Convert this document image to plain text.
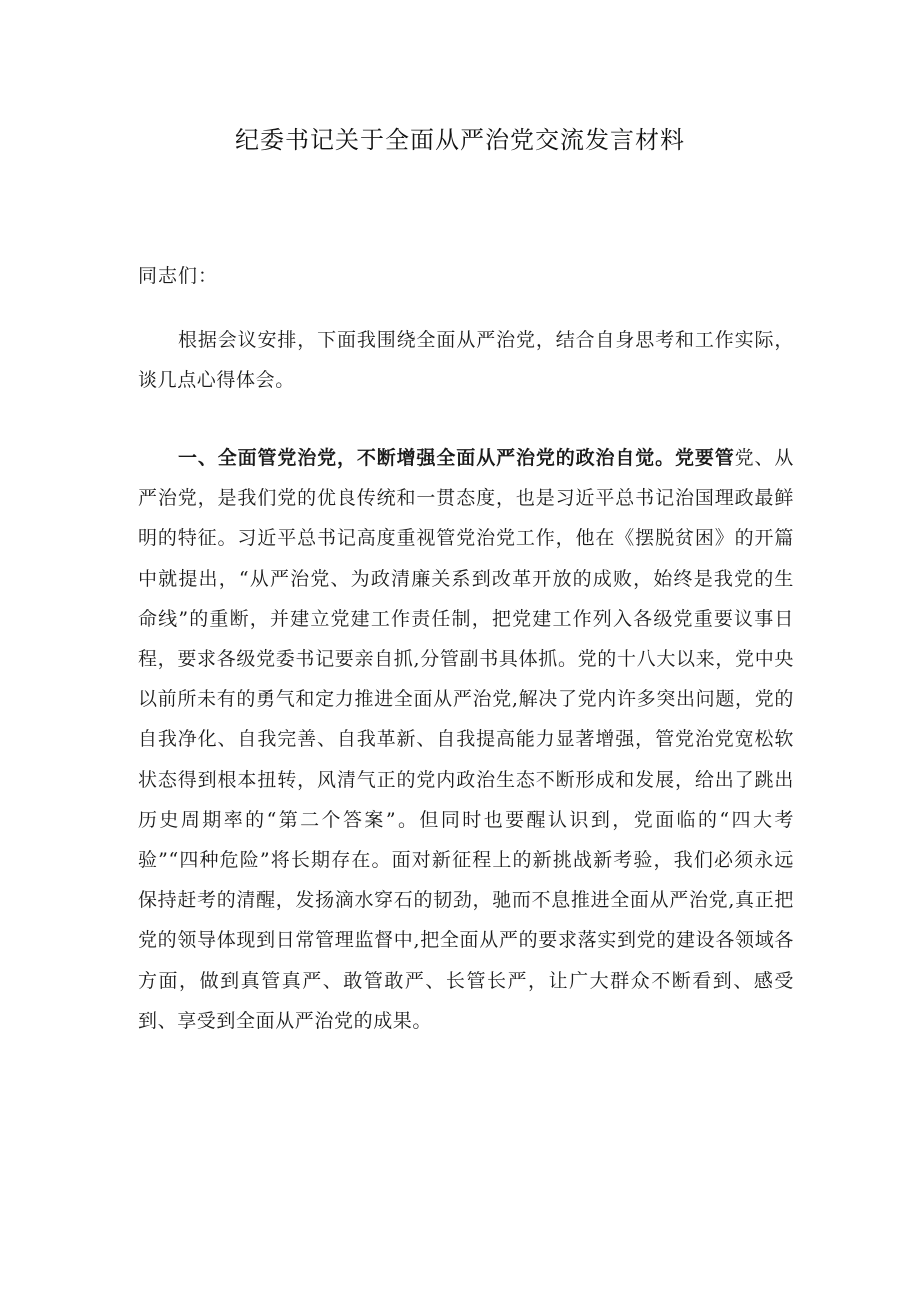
纪委书记关于全面从严治党交流发言材料
同志们：

根据会议安排，下面我围绕全面从严治党，结合自身思考和工作实际，谈几点心得体会。

一、全面管党治党，不断增强全面从严治党的政治自觉。党要管党、从严治党，是我们党的优良传统和一贯态度，也是习近平总书记治国理政最鲜明的特征。习近平总书记高度重视管党治党工作，他在《摆脱贫困》的开篇中就提出，“从严治党、为政清廉关系到改革开放的成败，始终是我党的生命线”的重断，并建立党建工作责任制，把党建工作列入各级党重要议事日程，要求各级党委书记要亲自抓,分管副书具体抓。党的十八大以来，党中央以前所未有的勇气和定力推进全面从严治党,解决了党内许多突出问题，党的自我净化、自我完善、自我革新、自我提高能力显著增强，管党治党宽松软状态得到根本扭转，风清气正的党内政治生态不断形成和发展，给出了跳出历史周期率的“第二个答案”。但同时也要醒认识到，党面临的“四大考验”“四种危险”将长期存在。面对新征程上的新挑战新考验，我们必须永远保持赶考的清醒，发扬滴水穿石的韧劲，驰而不息推进全面从严治党,真正把党的领导体现到日常管理监督中,把全面从严的要求落实到党的建设各领域各方面，做到真管真严、敢管敢严、长管长严，让广大群众不断看到、感受到、享受到全面从严治党的成果。
